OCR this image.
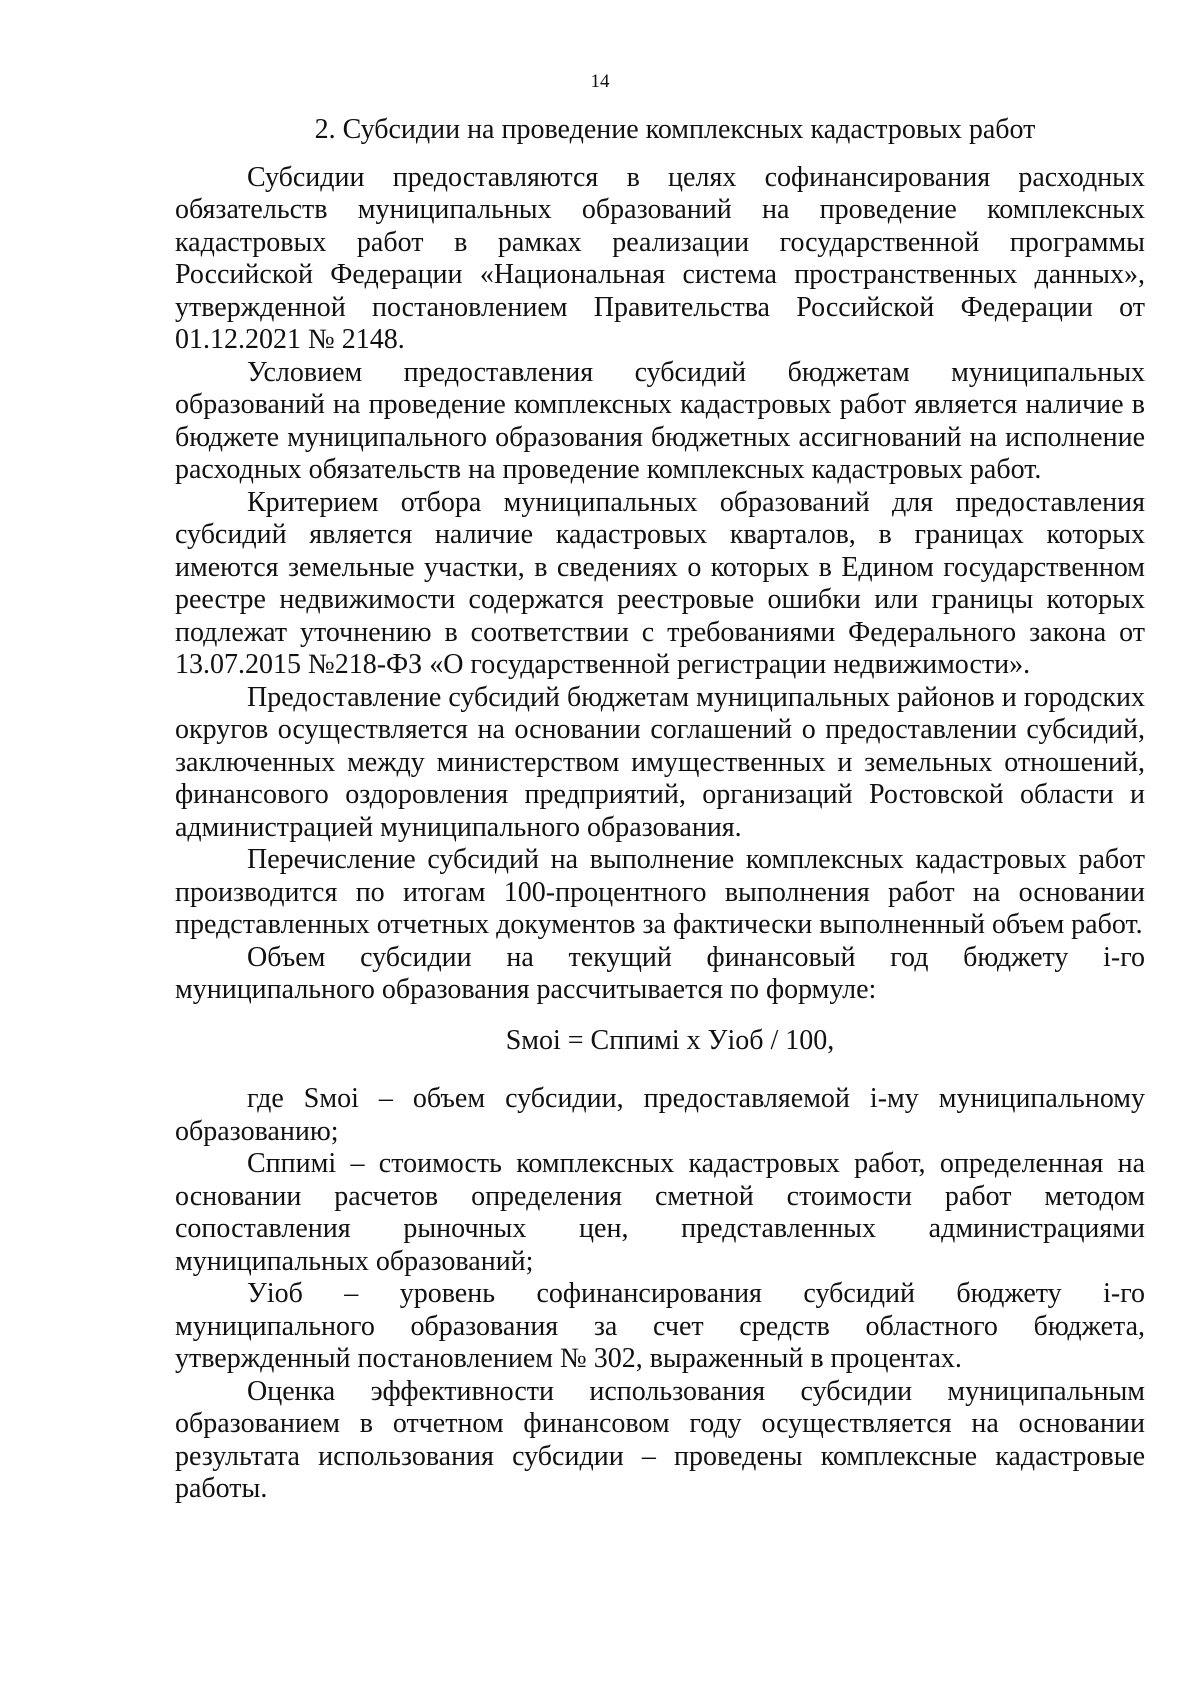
14

2. Субсидии на проведение комплексных кадастровых работ

Субсидии предоставляются в целях софинансирования расходных обязательств муниципальных образований на проведение комплексных кадастровых работ в рамках реализации государственной программы Российской Федерации «Национальная система пространственных данных», утвержденной постановлением Правительства Российской Федерации от 01.12.2021 № 2148.

Условием предоставления субсидий бюджетам муниципальных образований на проведение комплексных кадастровых работ является наличие в бюджете муниципального образования бюджетных ассигнований на исполнение расходных обязательств на проведение комплексных кадастровых работ.

Критерием отбора муниципальных образований для предоставления субсидий является наличие кадастровых кварталов, в границах которых имеются земельные участки, в сведениях о которых в Едином государственном реестре недвижимости содержатся реестровые ошибки или границы которых подлежат уточнению в соответствии с требованиями Федерального закона от 13.07.2015 №218-ФЗ «О государственной регистрации недвижимости».

Предоставление субсидий бюджетам муниципальных районов и городских округов осуществляется на основании соглашений о предоставлении субсидий, заключенных между министерством имущественных и земельных отношений, финансового оздоровления предприятий, организаций Ростовской области и администрацией муниципального образования.

Перечисление субсидий на выполнение комплексных кадастровых работ производится по итогам 100-процентного выполнения работ на основании представленных отчетных документов за фактически выполненный объем работ.

Объем субсидии на текущий финансовый год бюджету і-го муниципального образования рассчитывается по формуле:

Sмоі = Сппимі х Уіоб / 100,

где Sмоі – объем субсидии, предоставляемой і-му муниципальному образованию;

Сппимі – стоимость комплексных кадастровых работ, определенная на основании расчетов определения сметной стоимости работ методом сопоставления рыночных цен, представленных администрациями муниципальных образований;

Уіоб – уровень софинансирования субсидий бюджету і-го муниципального образования за счет средств областного бюджета, утвержденный постановлением № 302, выраженный в процентах.

Оценка эффективности использования субсидии муниципальным образованием в отчетном финансовом году осуществляется на основании результата использования субсидии – проведены комплексные кадастровые работы.
